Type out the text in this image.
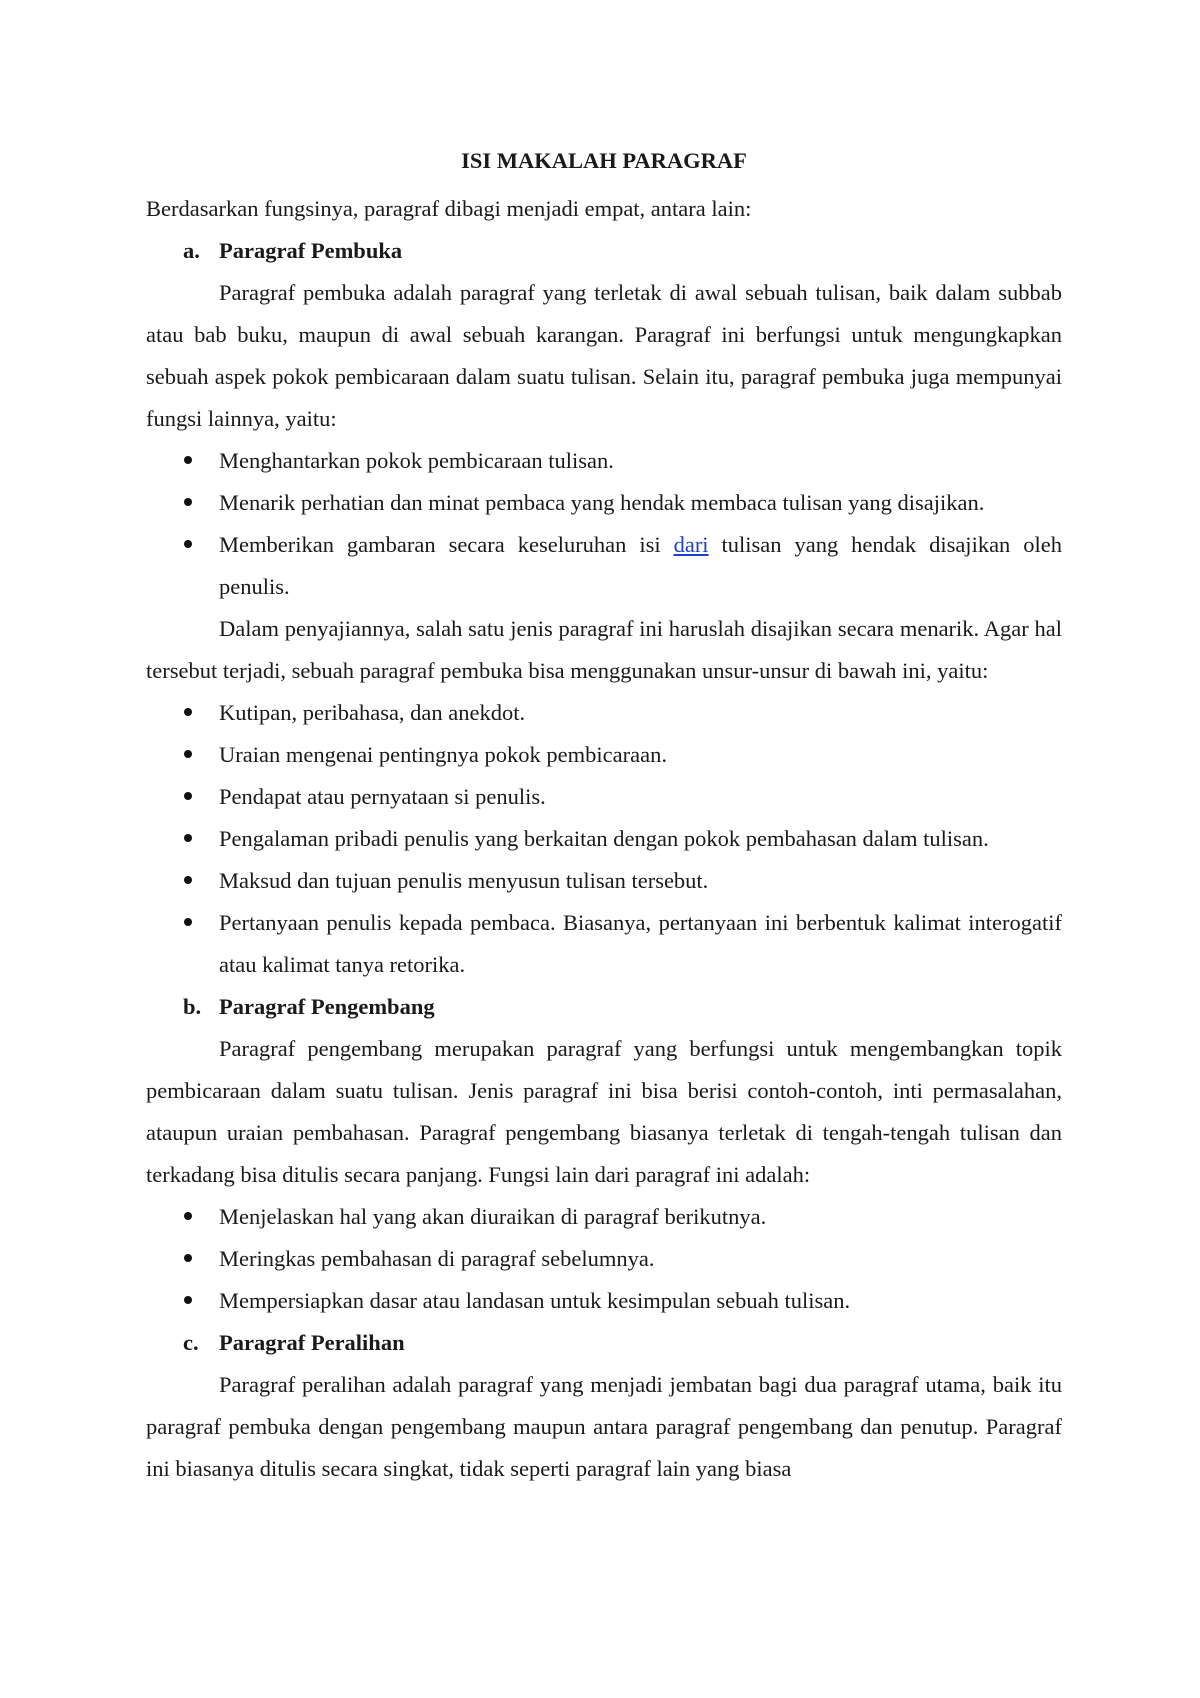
ISI MAKALAH PARAGRAF

Berdasarkan fungsinya, paragraf dibagi menjadi empat, antara lain:

a. Paragraf Pembuka

Paragraf pembuka adalah paragraf yang terletak di awal sebuah tulisan, baik dalam subbab atau bab buku, maupun di awal sebuah karangan. Paragraf ini berfungsi untuk mengungkapkan sebuah aspek pokok pembicaraan dalam suatu tulisan. Selain itu, paragraf pembuka juga mempunyai fungsi lainnya, yaitu:

Menghantarkan pokok pembicaraan tulisan.
Menarik perhatian dan minat pembaca yang hendak membaca tulisan yang disajikan.
Memberikan gambaran secara keseluruhan isi dari tulisan yang hendak disajikan oleh penulis.

Dalam penyajiannya, salah satu jenis paragraf ini haruslah disajikan secara menarik. Agar hal tersebut terjadi, sebuah paragraf pembuka bisa menggunakan unsur-unsur di bawah ini, yaitu:

Kutipan, peribahasa, dan anekdot.
Uraian mengenai pentingnya pokok pembicaraan.
Pendapat atau pernyataan si penulis.
Pengalaman pribadi penulis yang berkaitan dengan pokok pembahasan dalam tulisan.
Maksud dan tujuan penulis menyusun tulisan tersebut.
Pertanyaan penulis kepada pembaca. Biasanya, pertanyaan ini berbentuk kalimat interogatif atau kalimat tanya retorika.
b. Paragraf Pengembang

Paragraf pengembang merupakan paragraf yang berfungsi untuk mengembangkan topik pembicaraan dalam suatu tulisan. Jenis paragraf ini bisa berisi contoh-contoh, inti permasalahan, ataupun uraian pembahasan. Paragraf pengembang biasanya terletak di tengah-tengah tulisan dan terkadang bisa ditulis secara panjang. Fungsi lain dari paragraf ini adalah:

Menjelaskan hal yang akan diuraikan di paragraf berikutnya.
Meringkas pembahasan di paragraf sebelumnya.
Mempersiapkan dasar atau landasan untuk kesimpulan sebuah tulisan.
c. Paragraf Peralihan

Paragraf peralihan adalah paragraf yang menjadi jembatan bagi dua paragraf utama, baik itu paragraf pembuka dengan pengembang maupun antara paragraf pengembang dan penutup. Paragraf ini biasanya ditulis secara singkat, tidak seperti paragraf lain yang biasa
